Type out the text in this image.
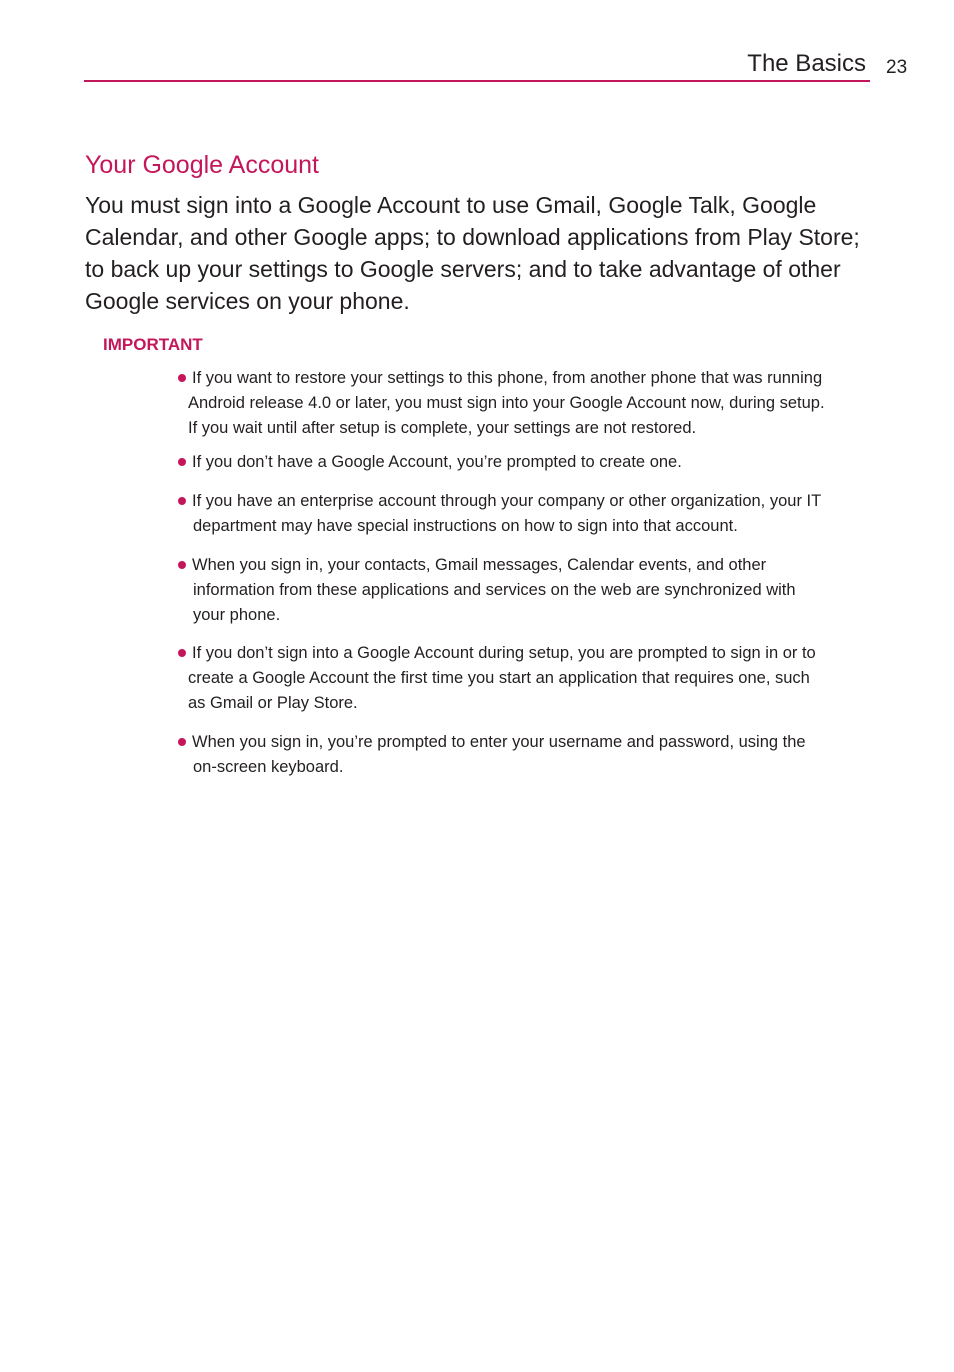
The Basics 23
Your Google Account
You must sign into a Google Account to use Gmail, Google Talk, Google Calendar, and other Google apps; to download applications from Play Store; to back up your settings to Google servers; and to take advantage of other Google services on your phone.
IMPORTANT
If you want to restore your settings to this phone, from another phone that was running
Android release 4.0 or later, you must sign into your Google Account now, during setup.
If you wait until after setup is complete, your settings are not restored.
If you don’t have a Google Account, you’re prompted to create one.
If you have an enterprise account through your company or other organization, your IT
department may have special instructions on how to sign into that account.
When you sign in, your contacts, Gmail messages, Calendar events, and other
information from these applications and services on the web are synchronized with
your phone.
If you don’t sign into a Google Account during setup, you are prompted to sign in or to
create a Google Account the first time you start an application that requires one, such
as Gmail or Play Store.
When you sign in, you’re prompted to enter your username and password, using the
on-screen keyboard.
